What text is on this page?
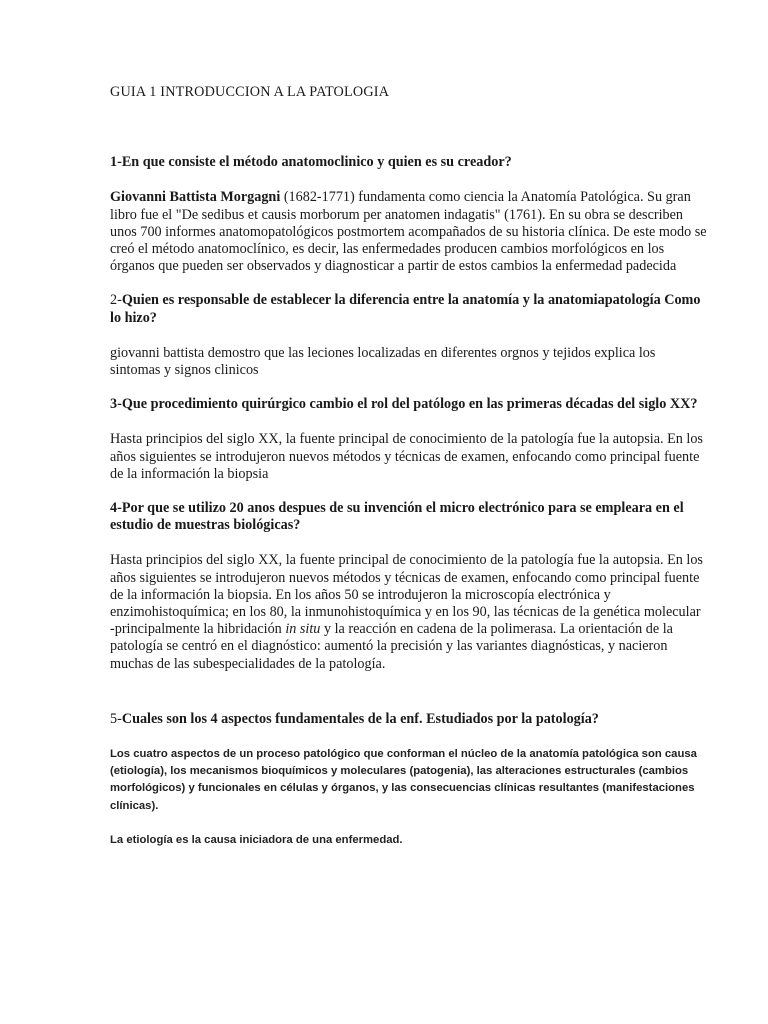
GUIA 1 INTRODUCCION A LA PATOLOGIA

1-En que consiste el método anatomoclinico y quien es su creador?

Giovanni Battista Morgagni (1682-1771) fundamenta como ciencia la Anatomía Patológica. Su gran libro fue el "De sedibus et causis morborum per anatomen indagatis" (1761). En su obra se describen unos 700 informes anatomopatológicos postmortem acompañados de su historia clínica. De este modo se creó el método anatomoclínico, es decir, las enfermedades producen cambios morfológicos en los órganos que pueden ser observados y diagnosticar a partir de estos cambios la enfermedad padecida

2-Quien es responsable de establecer la diferencia entre la anatomía y la anatomiapatología Como lo hizo?

giovanni battista demostro que las leciones localizadas en diferentes orgnos y tejidos explica los sintomas y signos clinicos

3-Que procedimiento quirúrgico cambio el rol del patólogo en las primeras décadas del siglo XX?

Hasta principios del siglo XX, la fuente principal de conocimiento de la patología fue la autopsia. En los años siguientes se introdujeron nuevos métodos y técnicas de examen, enfocando como principal fuente de la información la biopsia

4-Por que se utilizo 20 anos despues de su invención el micro electrónico para se empleara en el estudio de muestras biológicas?

Hasta principios del siglo XX, la fuente principal de conocimiento de la patología fue la autopsia. En los años siguientes se introdujeron nuevos métodos y técnicas de examen, enfocando como principal fuente de la información la biopsia. En los años 50 se introdujeron la microscopía electrónica y enzimohistoquímica; en los 80, la inmunohistoquímica y en los 90, las técnicas de la genética molecular -principalmente la hibridación in situ y la reacción en cadena de la polimerasa. La orientación de la patología se centró en el diagnóstico: aumentó la precisión y las variantes diagnósticas, y nacieron muchas de las subespecialidades de la patología.

5-Cuales son los 4 aspectos fundamentales de la enf. Estudiados por la patología?

Los cuatro aspectos de un proceso patológico que conforman el núcleo de la anatomía patológica son causa (etiología), los mecanismos bioquímicos y moleculares (patogenia), las alteraciones estructurales (cambios morfológicos) y funcionales en células y órganos, y las consecuencias clínicas resultantes (manifestaciones clínicas).

La etiología es la causa iniciadora de una enfermedad.
